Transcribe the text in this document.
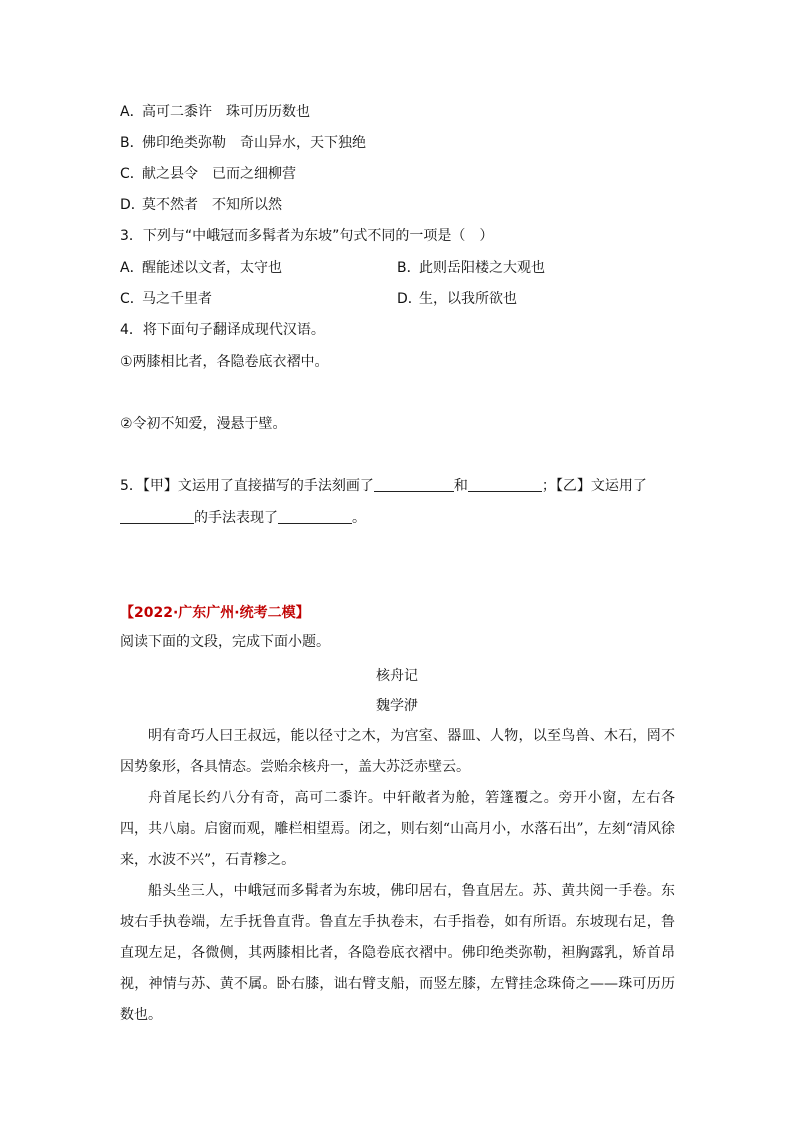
A．高可二黍许　珠可历历数也
B．佛印绝类弥勒　奇山异水，天下独绝
C．献之县令　已而之细柳营
D．莫不然者　不知所以然
3．下列与“中峨冠而多髯者为东坡”句式不同的一项是（　）
A．醒能述以文者，太守也	B．此则岳阳楼之大观也
C．马之千里者	D．生，以我所欲也
4．将下面句子翻译成现代汉语。
①两膝相比者，各隐卷底衣褶中。
②令初不知爱，漫悬于壁。
5．【甲】文运用了直接描写的手法刻画了	和	；【乙】文运用了
的手法表现了	。
【2022·广东广州·统考二模】
阅读下面的文段，完成下面小题。
核舟记
魏学洢

明有奇巧人曰王叔远，能以径寸之木，为宫室、器皿、人物，以至鸟兽、木石，罔不因势象形，各具情态。尝贻余核舟一，盖大苏泛赤壁云。

舟首尾长约八分有奇，高可二黍许。中轩敞者为舱，箬篷覆之。旁开小窗，左右各四，共八扇。启窗而观，雕栏相望焉。闭之，则右刻“山高月小，水落石出”，左刻“清风徐来，水波不兴”，石青糁之。

船头坐三人，中峨冠而多髯者为东坡，佛印居右，鲁直居左。苏、黄共阅一手卷。东坡右手执卷端，左手抚鲁直背。鲁直左手执卷末，右手指卷，如有所语。东坡现右足，鲁直现左足，各微侧，其两膝相比者，各隐卷底衣褶中。佛印绝类弥勒，袒胸露乳，矫首昂视，神情与苏、黄不属。卧右膝，诎右臂支船，而竖左膝，左臂挂念珠倚之——珠可历历数也。
